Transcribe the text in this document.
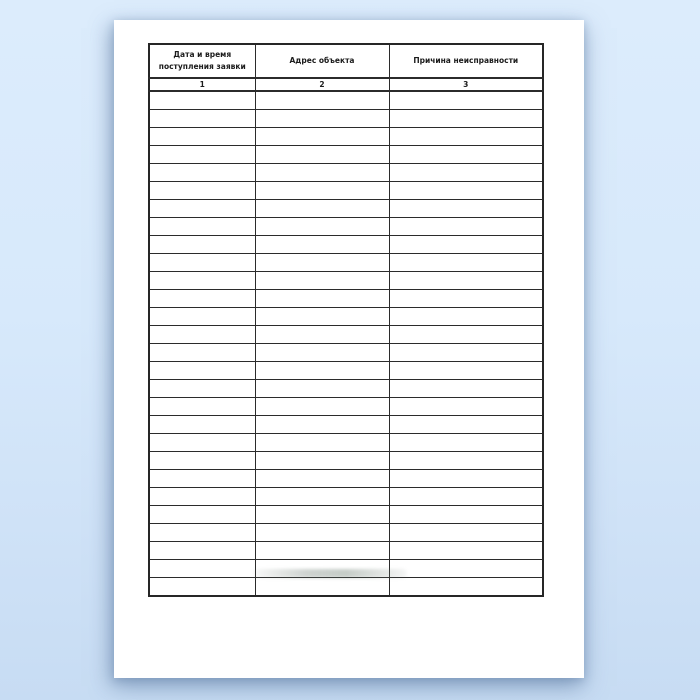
Дата и время поступления заявки	Адрес объекта	Причина неисправности
1	2	3
